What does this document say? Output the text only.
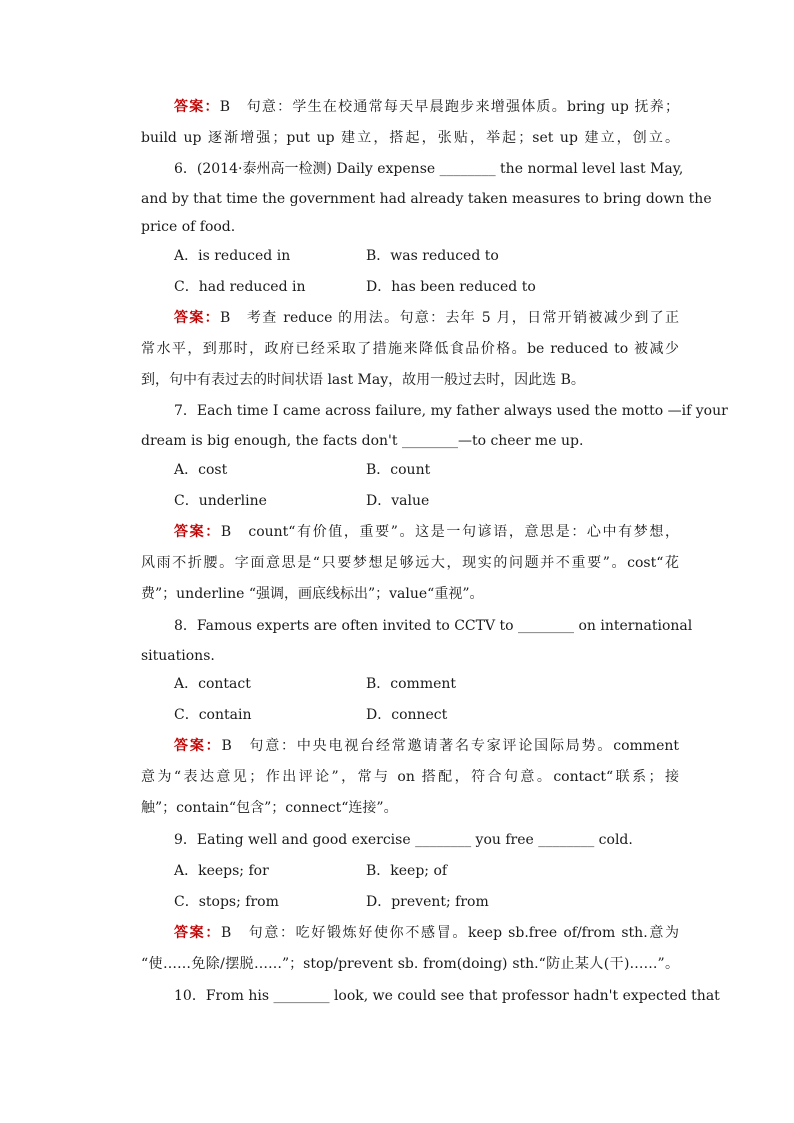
答案：B　句意：学生在校通常每天早晨跑步来增强体质。bring up 抚养；
build up 逐渐增强；put up 建立，搭起，张贴，举起；set up 建立，创立。
6．(2014·泰州高一检测) Daily expense ________ the normal level last May,
and by that time the government had already taken measures to bring down the
price of food.
A．is reduced in	B．was reduced to
C．had reduced in	D．has been reduced to
答案：B　考查 reduce 的用法。句意：去年 5 月，日常开销被减少到了正
常水平，到那时，政府已经采取了措施来降低食品价格。be reduced to 被减少
到，句中有表过去的时间状语 last May，故用一般过去时，因此选 B。
7．Each time I came across failure, my father always used the motto —if your
dream is big enough, the facts don't ________—to cheer me up.
A．cost	B．count
C．underline	D．value
答案：B　count“有价值，重要”。这是一句谚语，意思是：心中有梦想，
风雨不折腰。字面意思是“只要梦想足够远大，现实的问题并不重要”。cost“花
费”；underline “强调，画底线标出”；value“重视”。
8．Famous experts are often invited to CCTV to ________ on international
situations.
A．contact	B．comment
C．contain	D．connect
答案：B　句意：中央电视台经常邀请著名专家评论国际局势。comment
意为“表达意见；作出评论”，常与 on 搭配，符合句意。contact“联系；接
触”；contain“包含”；connect“连接”。
9．Eating well and good exercise ________ you free ________ cold.
A．keeps; for	B．keep; of
C．stops; from	D．prevent; from
答案：B　句意：吃好锻炼好使你不感冒。keep sb.free of/from sth.意为
“使……免除/摆脱……”；stop/prevent sb. from(doing) sth.“防止某人(干)……”。
10．From his ________ look, we could see that professor hadn't expected that
